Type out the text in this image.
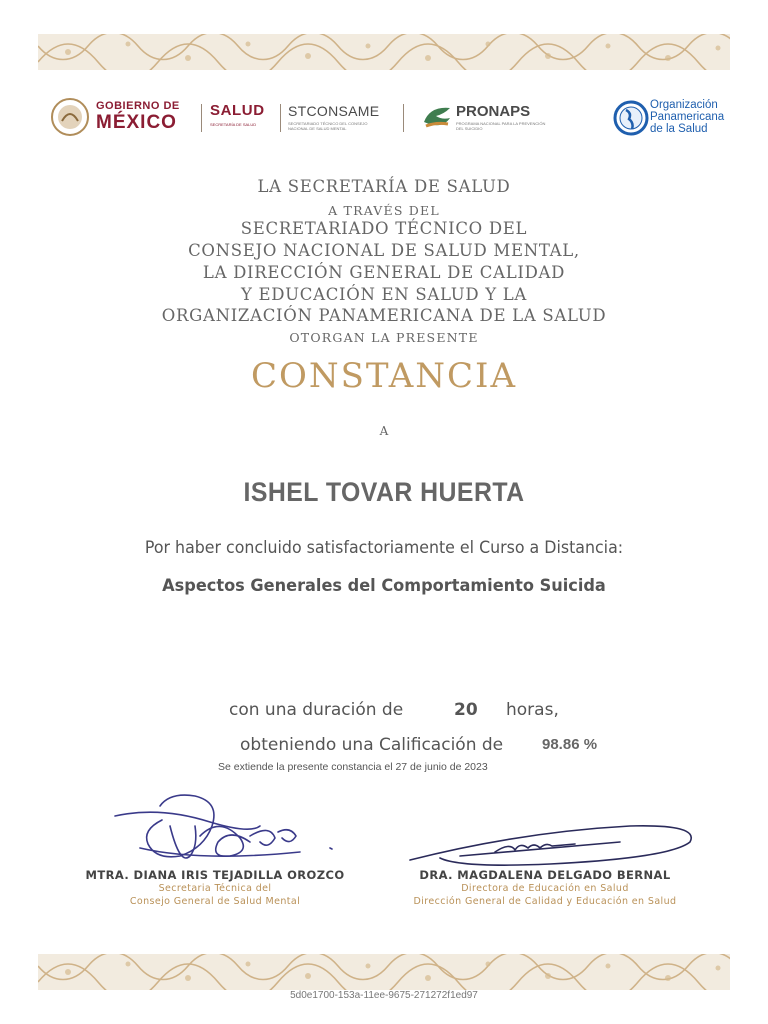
GOBIERNO DE
MÉXICO
SALUD
SECRETARÍA DE SALUD
STCONSAME
SECRETARIADO TÉCNICO DEL CONSEJO NACIONAL DE SALUD MENTAL
PRONAPS
PROGRAMA NACIONAL PARA LA PREVENCIÓN DEL SUICIDIO
Organización
Panamericana
de la Salud
LA SECRETARÍA DE SALUD
A TRAVÉS DEL
SECRETARIADO TÉCNICO DEL
CONSEJO NACIONAL DE SALUD MENTAL,
LA DIRECCIÓN GENERAL DE CALIDAD
Y EDUCACIÓN EN SALUD Y LA
ORGANIZACIÓN PANAMERICANA DE LA SALUD
OTORGAN LA PRESENTE
CONSTANCIA
A
ISHEL TOVAR HUERTA
Por haber concluido satisfactoriamente el Curso a Distancia:
Aspectos Generales del Comportamiento Suicida
con una duración de	20 horas,
obteniendo una Calificación de	98.86 %
Se extiende la presente constancia el 27 de junio de 2023
MTRA. DIANA IRIS TEJADILLA OROZCO
Secretaria Técnica del
Consejo General de Salud Mental
DRA. MAGDALENA DELGADO BERNAL
Directora de Educación en Salud
Dirección General de Calidad y Educación en Salud
5d0e1700-153a-11ee-9675-271272f1ed97
